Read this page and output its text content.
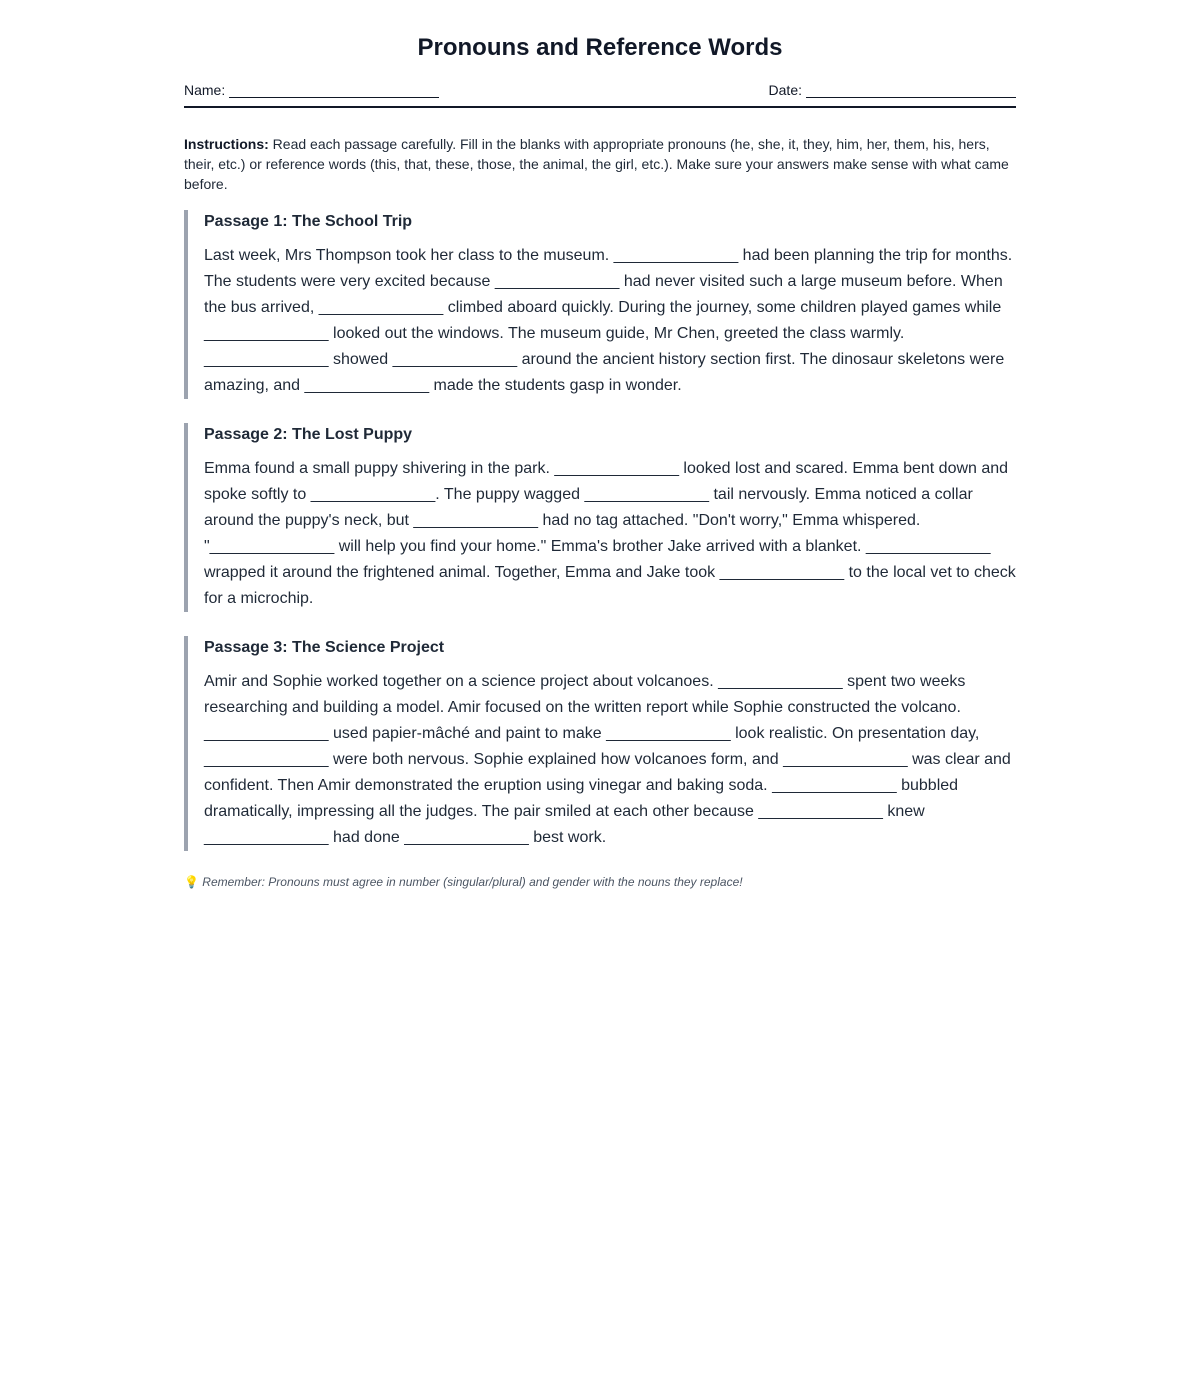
Pronouns and Reference Words
Name:	Date:
Instructions: Read each passage carefully. Fill in the blanks with appropriate pronouns (he, she, it, they, him, her, them, his, hers, their, etc.) or reference words (this, that, these, those, the animal, the girl, etc.). Make sure your answers make sense with what came before.
Passage 1: The School Trip

Last week, Mrs Thompson took her class to the museum. ______________ had been planning the trip for months. The students were very excited because ______________ had never visited such a large museum before. When the bus arrived, ______________ climbed aboard quickly. During the journey, some children played games while ______________ looked out the windows. The museum guide, Mr Chen, greeted the class warmly. ______________ showed ______________ around the ancient history section first. The dinosaur skeletons were amazing, and ______________ made the students gasp in wonder.

Passage 2: The Lost Puppy

Emma found a small puppy shivering in the park. ______________ looked lost and scared. Emma bent down and spoke softly to ______________. The puppy wagged ______________ tail nervously. Emma noticed a collar around the puppy's neck, but ______________ had no tag attached. "Don't worry," Emma whispered. "______________ will help you find your home." Emma's brother Jake arrived with a blanket. ______________ wrapped it around the frightened animal. Together, Emma and Jake took ______________ to the local vet to check for a microchip.

Passage 3: The Science Project

Amir and Sophie worked together on a science project about volcanoes. ______________ spent two weeks researching and building a model. Amir focused on the written report while Sophie constructed the volcano. ______________ used papier-mâché and paint to make ______________ look realistic. On presentation day, ______________ were both nervous. Sophie explained how volcanoes form, and ______________ was clear and confident. Then Amir demonstrated the eruption using vinegar and baking soda. ______________ bubbled dramatically, impressing all the judges. The pair smiled at each other because ______________ knew ______________ had done ______________ best work.

💡 Remember: Pronouns must agree in number (singular/plural) and gender with the nouns they replace!
